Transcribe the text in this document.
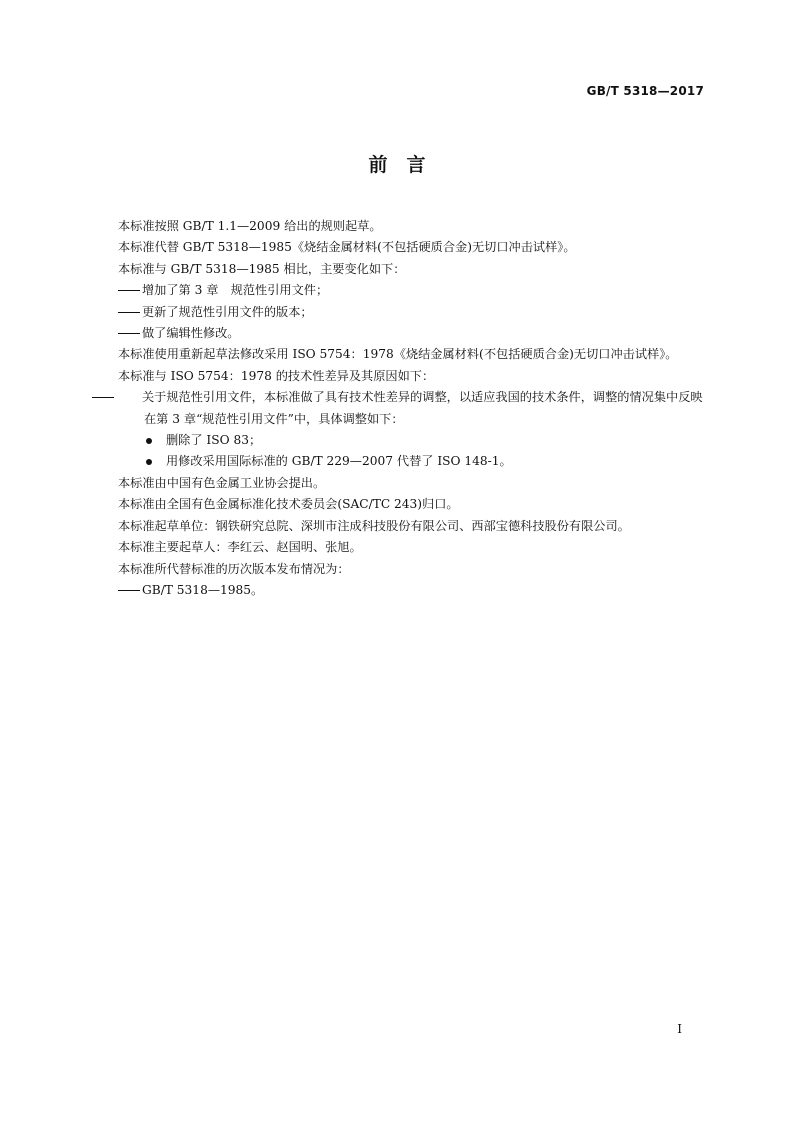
GB/T 5318—2017
前　言
本标准按照 GB/T 1.1—2009 给出的规则起草。
本标准代替 GB/T 5318—1985《烧结金属材料(不包括硬质合金)无切口冲击试样》。
本标准与 GB/T 5318—1985 相比，主要变化如下：
增加了第 3 章　规范性引用文件；
更新了规范性引用文件的版本；
做了编辑性修改。
本标准使用重新起草法修改采用 ISO 5754：1978《烧结金属材料(不包括硬质合金)无切口冲击试样》。
本标准与 ISO 5754：1978 的技术性差异及其原因如下：
关于规范性引用文件，本标准做了具有技术性差异的调整，以适应我国的技术条件，调整的情况集中反映在第 3 章“规范性引用文件”中，具体调整如下：
删除了 ISO 83；
用修改采用国际标准的 GB/T 229—2007 代替了 ISO 148-1。
本标准由中国有色金属工业协会提出。
本标准由全国有色金属标准化技术委员会(SAC/TC 243)归口。
本标准起草单位：钢铁研究总院、深圳市注成科技股份有限公司、西部宝德科技股份有限公司。
本标准主要起草人：李红云、赵国明、张旭。
本标准所代替标准的历次版本发布情况为：
GB/T 5318—1985。
I
